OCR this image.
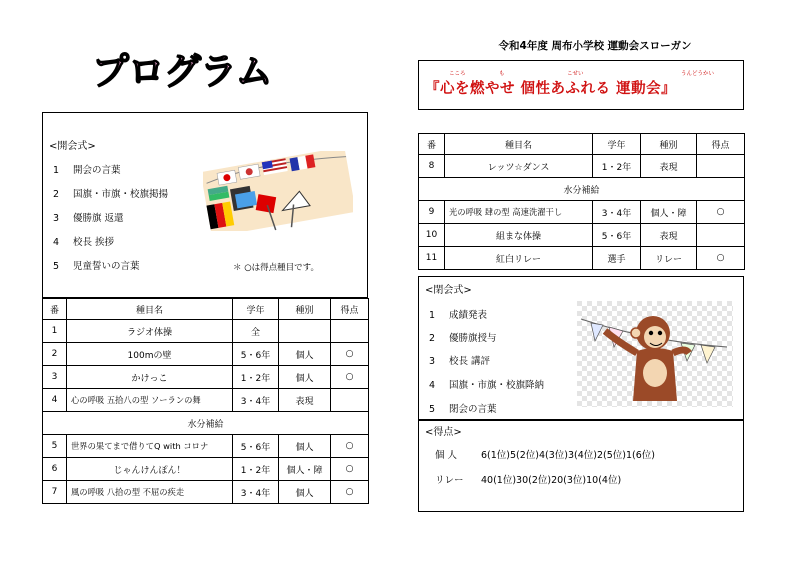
プログラム
<開会式>
1 開会の言葉
2 国旗・市旗・校旗掲揚
3 優勝旗 返還
4 校長 挨拶
5 児童誓いの言葉	＊ ○は得点種目です。
番	種目名	学年	種別	得点
1	ラジオ体操	全		
2	100mの壁	5・6年	個人	○
3	かけっこ	1・2年	個人	○
4	心の呼吸 五拾八の型 ソーランの舞	3・4年	表現	
水分補給				
5	世界の果てまで借りてQ with コロナ	5・6年	個人	○
6	じゃんけんぽん！	1・2年	個人・障	○
7	風の呼吸 八拾の型 不屈の疾走	3・4年	個人	○
令和4年度 周布小学校 運動会スローガン
こころ	も	こせい	うんどうかい
『心を燃やせ 個性あふれる 運動会』
番	種目名	学年	種別	得点
8	レッツ☆ダンス	1・2年	表現	
水分補給				
9	光の呼吸 肆の型 高速洗濯干し	3・4年	個人・障	○
10	組まな体操	5・6年	表現	
11	紅白リレー	選手	リレー	○
<閉会式>
1 成績発表
2 優勝旗授与
3 校長 講評
4 国旗・市旗・校旗降納
5 閉会の言葉
<得点>
個 人	6(1位)5(2位)4(3位)3(4位)2(5位)1(6位)
リレー 40(1位)30(2位)20(3位)10(4位)
